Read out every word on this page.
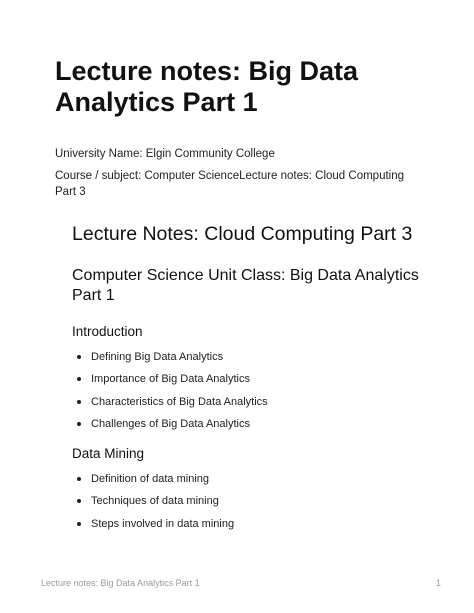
Lecture notes: Big Data Analytics Part 1

University Name: Elgin Community College

Course / subject: Computer ScienceLecture notes: Cloud Computing Part 3

Lecture Notes: Cloud Computing Part 3
Computer Science Unit Class: Big Data Analytics Part 1
Introduction
Defining Big Data Analytics
Importance of Big Data Analytics
Characteristics of Big Data Analytics
Challenges of Big Data Analytics
Data Mining
Definition of data mining
Techniques of data mining
Steps involved in data mining
Lecture notes: Big Data Analytics Part 1	1
